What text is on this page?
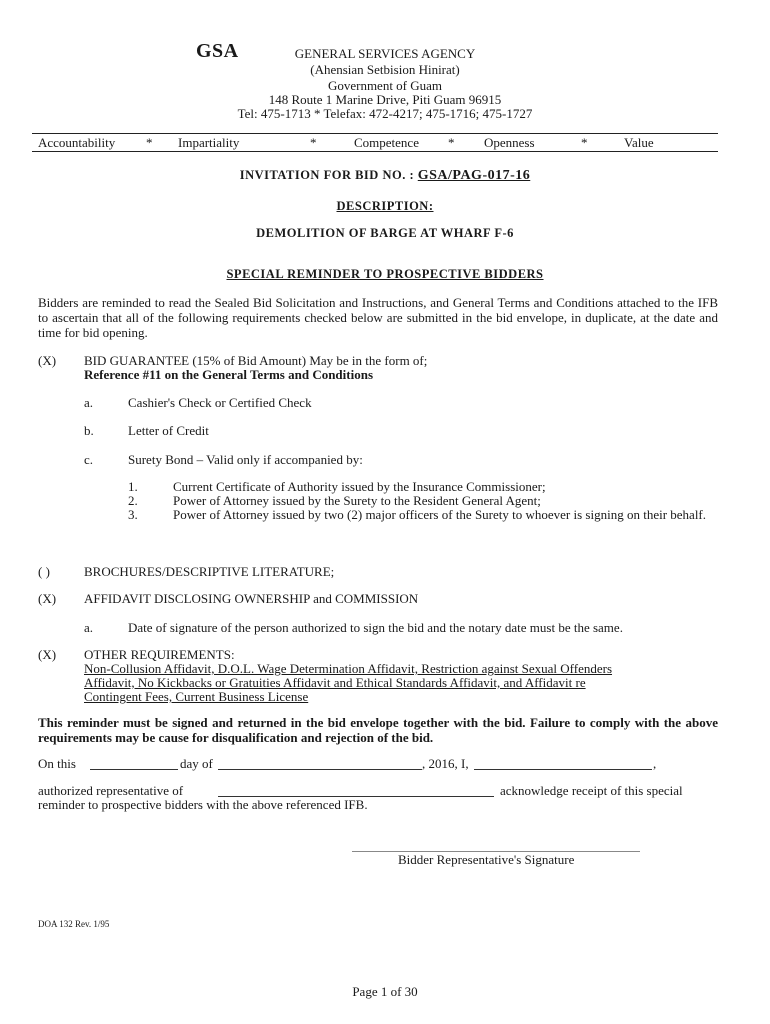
GSA	GENERAL SERVICES AGENCY
(Ahensian Setbision Hinirat)
Government of Guam
148 Route 1 Marine Drive, Piti Guam 96915
Tel: 475-1713 * Telefax: 472-4217; 475-1716; 475-1727
Accountability * Impartiality	*	Competence * Openness	*	Value
INVITATION FOR BID NO. : GSA/PAG-017-16
DESCRIPTION:
DEMOLITION OF BARGE AT WHARF F-6
SPECIAL REMINDER TO PROSPECTIVE BIDDERS
Bidders are reminded to read the Sealed Bid Solicitation and Instructions, and General Terms and Conditions attached to the IFB to ascertain that all of the following requirements checked below are submitted in the bid envelope, in duplicate, at the date and time for bid opening.
(X) BID GUARANTEE (15% of Bid Amount) May be in the form of;
Reference #11 on the General Terms and Conditions
a.	Cashier's Check or Certified Check
b.	Letter of Credit
c.	Surety Bond – Valid only if accompanied by:
1.	Current Certificate of Authority issued by the Insurance Commissioner;
2.	Power of Attorney issued by the Surety to the Resident General Agent;
3.	Power of Attorney issued by two (2) major officers of the Surety to whoever is signing on their behalf.
( )	BROCHURES/DESCRIPTIVE LITERATURE;
(X) AFFIDAVIT DISCLOSING OWNERSHIP and COMMISSION
a.	Date of signature of the person authorized to sign the bid and the notary date must be the same.
(X) OTHER REQUIREMENTS:
Non-Collusion Affidavit, D.O.L. Wage Determination Affidavit, Restriction against Sexual Offenders
Affidavit, No Kickbacks or Gratuities Affidavit and Ethical Standards Affidavit, and Affidavit re
Contingent Fees, Current Business License
This reminder must be signed and returned in the bid envelope together with the bid. Failure to comply with the above requirements may be cause for disqualification and rejection of the bid.
On this	day of	, 2016, I,	,
authorized representative of	acknowledge receipt of this special
reminder to prospective bidders with the above referenced IFB.
Bidder Representative's Signature
DOA 132 Rev. 1/95
Page 1 of 30
